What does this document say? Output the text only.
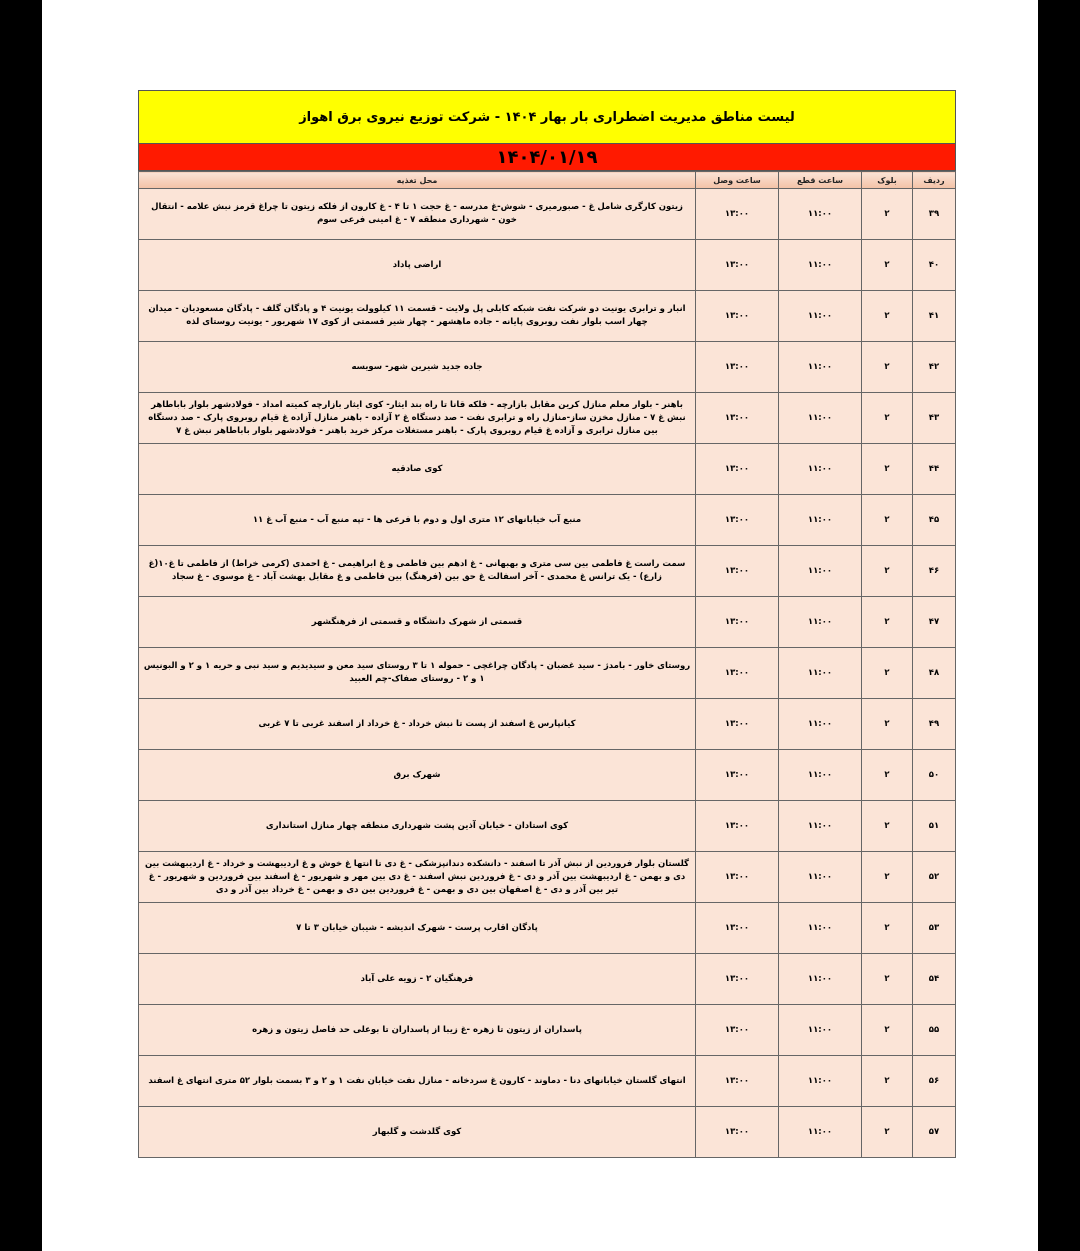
لیست مناطق مدیریت اضطراری بار بهار ۱۴۰۴ - شرکت توزیع نیروی برق اهواز
۱۴۰۴/۰۱/۱۹
ردیف	بلوک	ساعت قطع	ساعت وصل	محل تغذیه
۳۹	۲	۱۱:۰۰	۱۳:۰۰	زیتون کارگری شامل غ - صبورمیری - شوش-غ مدرسه - غ حجت ۱ تا ۴ - غ کارون از فلکه زیتون تا چراغ قرمز نبش علامه - انتقال خون - شهرداری منطقه ۷ - غ امینی فرعی سوم
۴۰	۲	۱۱:۰۰	۱۳:۰۰	اراضی پاداد
۴۱	۲	۱۱:۰۰	۱۳:۰۰	انبار و ترابری یونیت دو شرکت نفت شبکه کابلی پل ولایت - قسمت ۱۱ کیلوولت یونیت ۴ و پادگان گلف - پادگان مسعودیان - میدان چهار اسب بلوار نفت روبروی پایانه - جاده ماهشهر - چهار شیر قسمتی از کوی ۱۷ شهریور - یونیت روستای لذه
۴۲	۲	۱۱:۰۰	۱۳:۰۰	جاده جدید شیرین شهر- سویسه
۴۳	۲	۱۱:۰۰	۱۳:۰۰	باهنر - بلوار معلم منازل کرین مقابل بازارچه - فلکه قانا تا راه بند ایثار- کوی ایثار بازارچه کمیته امداد - فولادشهر بلوار باباطاهر نبش غ ۷ - منازل مخزن ساز-منازل راه و ترابری نفت - صد دستگاه غ ۲ آزاده - باهنر منازل آزاده غ قیام روبروی پارک - صد دستگاه بین منازل ترابری و آزاده غ قیام روبروی پارک - باهنر مستغلات مرکز خرید باهنر - فولادشهر بلوار باباطاهر نبش غ ۷
۴۴	۲	۱۱:۰۰	۱۳:۰۰	کوی صادقیه
۴۵	۲	۱۱:۰۰	۱۳:۰۰	منبع آب خیابانهای ۱۲ متری اول و دوم با فرعی ها - تپه منبع آب - منبع آب غ ۱۱
۴۶	۲	۱۱:۰۰	۱۳:۰۰	سمت راست غ فاطمی بین سی متری و بهبهانی - غ ادهم بین فاطمی و غ ابراهیمی - غ احمدی (کرمی خراط) از فاطمی تا غ۱۰(غ زارع) - یک ترانس غ محمدی - آخر اسفالت غ حق بین (فرهنگ) بین فاطمی و غ مقابل بهشت آباد - غ موسوی - غ سجاد
۴۷	۲	۱۱:۰۰	۱۳:۰۰	قسمتی از شهرک دانشگاه و قسمتی از فرهنگشهر
۴۸	۲	۱۱:۰۰	۱۳:۰۰	روستای خاور - بامدژ - سید غضبان - پادگان چراغچی - حموله ۱ تا ۳ روستای سید معن و سیدیدیم و سید نبی و حریه ۱ و ۲ و البونیس ۱ و ۲ - روستای صفاک-چم العبید
۴۹	۲	۱۱:۰۰	۱۳:۰۰	کیانپارس غ اسفند از پست تا نبش خرداد - غ خرداد از اسفند غربی تا ۷ غربی
۵۰	۲	۱۱:۰۰	۱۳:۰۰	شهرک برق
۵۱	۲	۱۱:۰۰	۱۳:۰۰	کوی استادان - خیابان آذین پشت شهرداری منطقه چهار منازل استانداری
۵۲	۲	۱۱:۰۰	۱۳:۰۰	گلستان بلوار فروردین از نبش آذر تا اسفند - دانشکده دندانپزشکی - غ دی تا انتها غ خوش و غ اردیبهشت و خرداد - غ اردیبهشت بین دی و بهمن - غ اردیبهشت بین آذر و دی - غ فروردین نبش اسفند - غ دی بین مهر و شهریور - غ اسفند بین فروردین و شهریور - غ تیر بین آذر و دی - غ اصفهان بین دی و بهمن - غ فروردین بین دی و بهمن - غ خرداد بین آذر و دی
۵۳	۲	۱۱:۰۰	۱۳:۰۰	پادگان اقارب پرست - شهرک اندیشه - شیبان خیابان ۳ تا ۷
۵۴	۲	۱۱:۰۰	۱۳:۰۰	فرهنگیان ۲ - زویه علی آباد
۵۵	۲	۱۱:۰۰	۱۳:۰۰	پاسداران از زیتون تا زهره -غ زیبا از پاسداران تا بوعلی حد فاصل زیتون و زهره
۵۶	۲	۱۱:۰۰	۱۳:۰۰	انتهای گلستان خیابانهای دنا - دماوند - کارون غ سردخانه - منازل نفت خیابان نفت ۱ و ۲ و ۳ بسمت بلوار ۵۲ متری انتهای غ اسفند
۵۷	۲	۱۱:۰۰	۱۳:۰۰	کوی گلدشت و گلبهار
